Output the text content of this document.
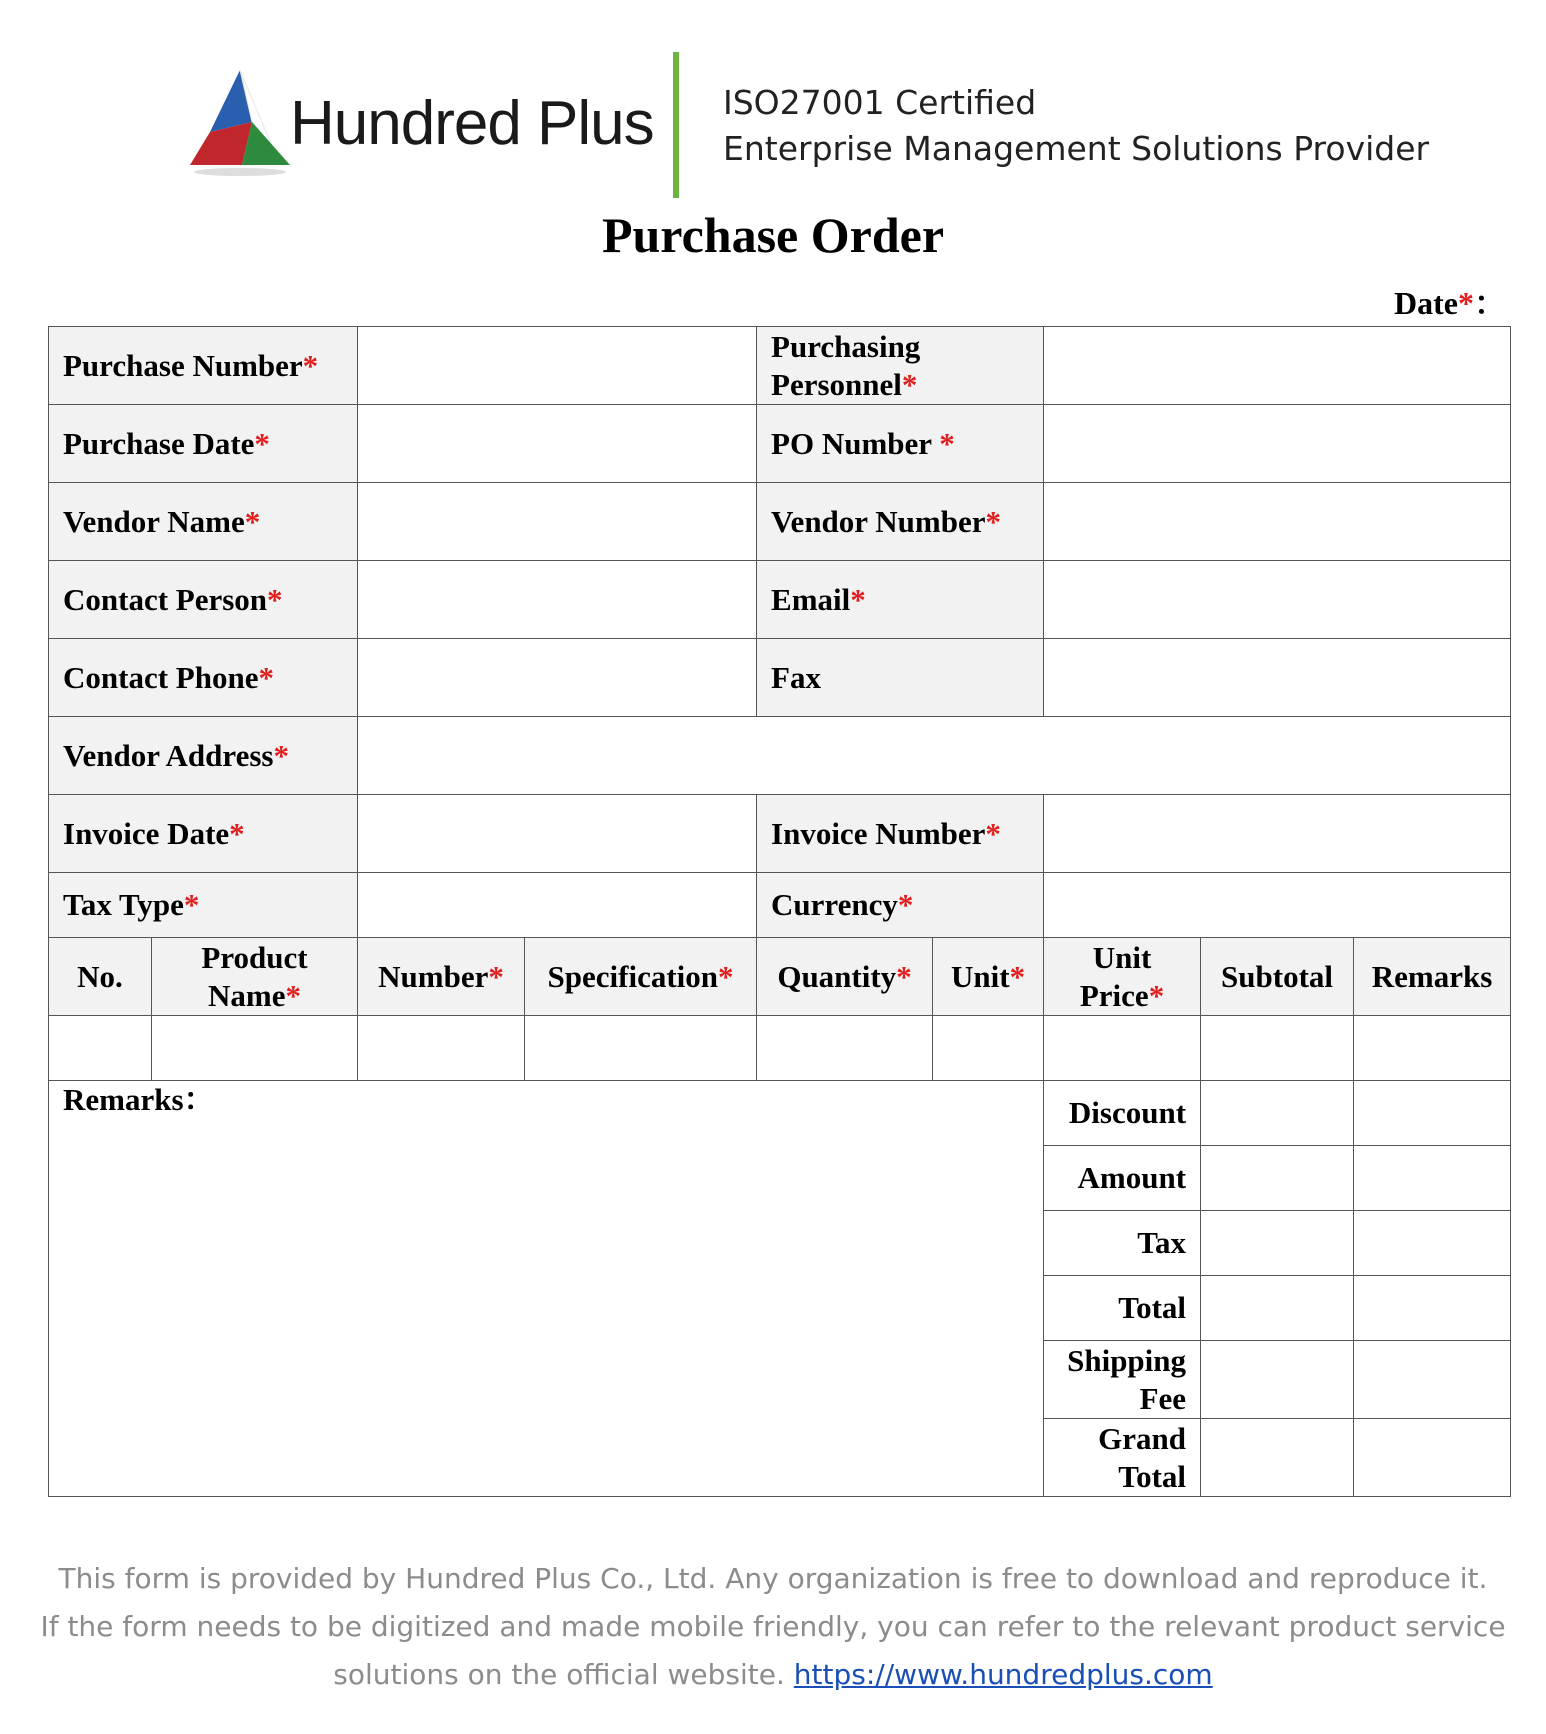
Hundred Plus ISO27001 Certified
Enterprise Management Solutions Provider
Purchase Order
Date*：
Purchase Number*				Purchasing Personnel*				
Purchase Date*				PO Number *				
Vendor Name*				Vendor Number*				
Contact Person*				Email*				
Contact Phone*				Fax				
Vendor Address*								
Invoice Date*				Invoice Number*				
Tax Type*				Currency*				
No.	Product Name*	Number*	Specification*	Quantity*	Unit*	Unit Price*	Subtotal	Remarks

Remarks：						Discount		
						Amount		
						Tax		
						Total		
						Shipping Fee		
						Grand Total		
This form is provided by Hundred Plus Co., Ltd. Any organization is free to download and reproduce it.
If the form needs to be digitized and made mobile friendly, you can refer to the relevant product service
solutions on the official website. https://www.hundredplus.com
